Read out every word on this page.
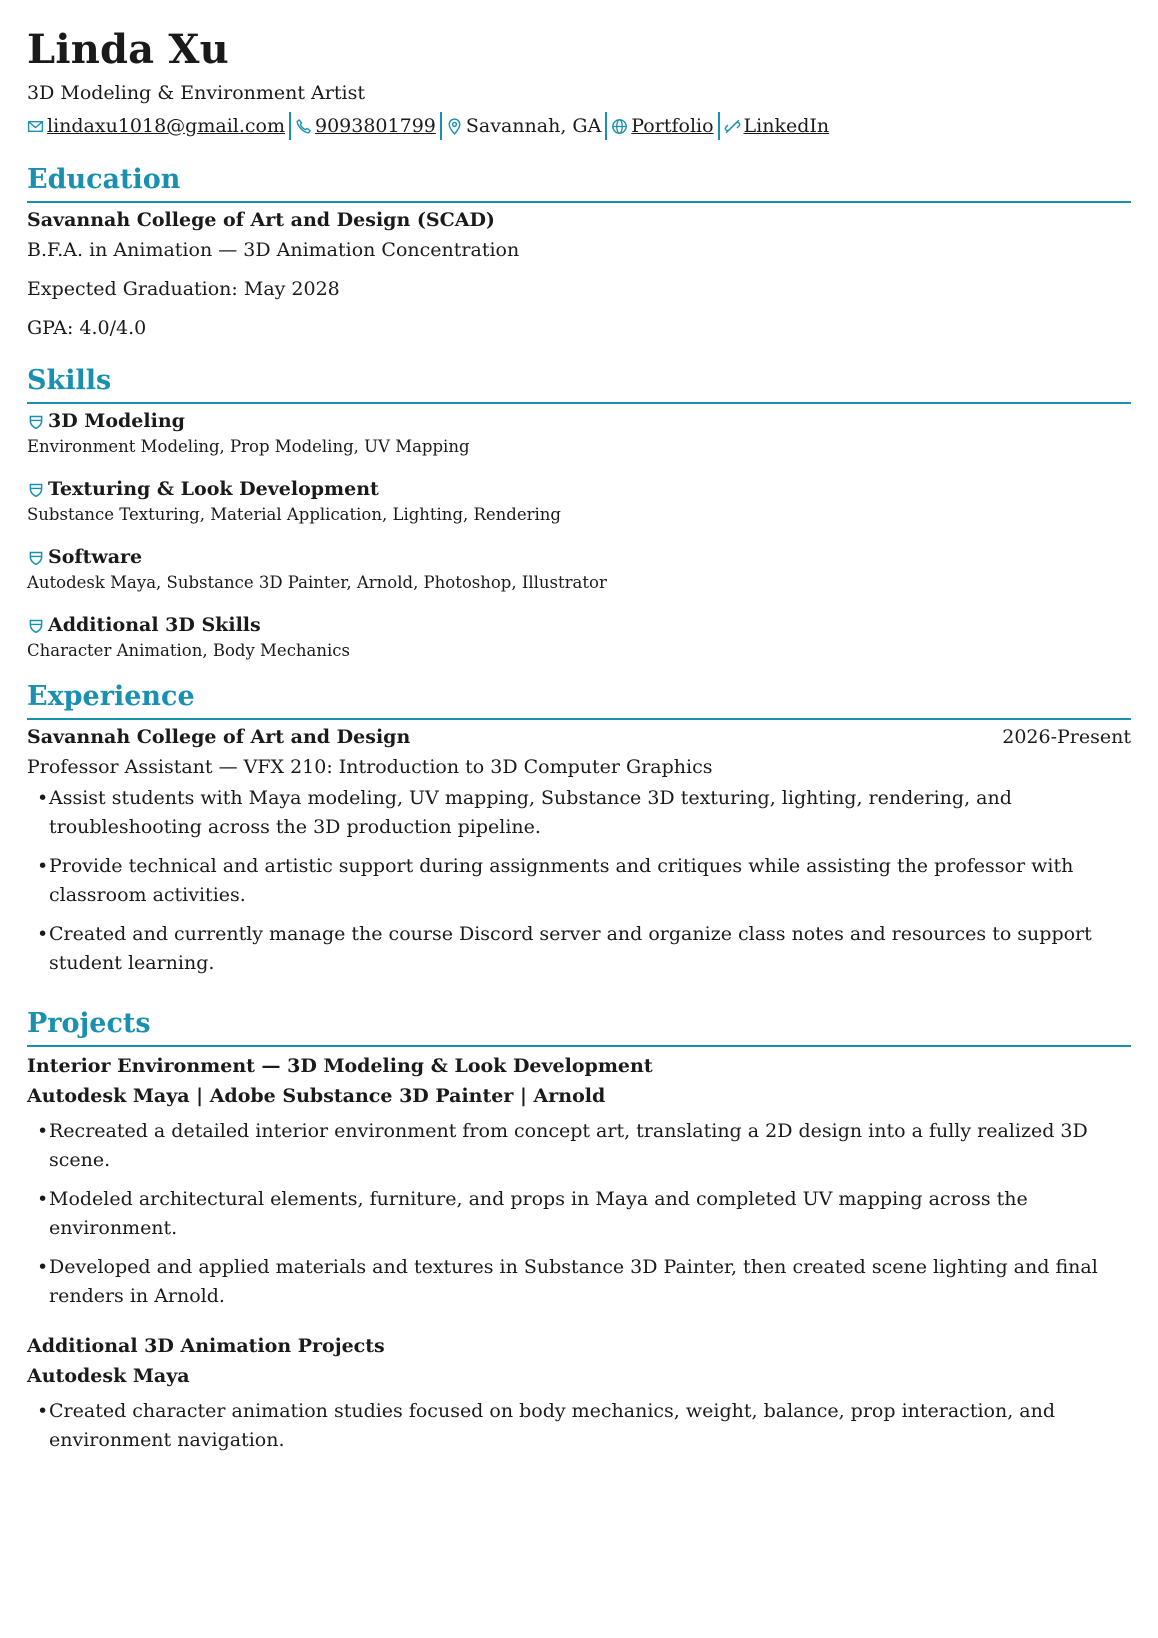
Linda Xu
3D Modeling & Environment Artist
lindaxu1018@gmail.com 9093801799 Savannah, GA Portfolio LinkedIn
Education
Savannah College of Art and Design (SCAD)
B.F.A. in Animation — 3D Animation Concentration
Expected Graduation: May 2028
GPA: 4.0/4.0
Skills
3D Modeling
Environment Modeling, Prop Modeling, UV Mapping
Texturing & Look Development
Substance Texturing, Material Application, Lighting, Rendering
Software
Autodesk Maya, Substance 3D Painter, Arnold, Photoshop, Illustrator
Additional 3D Skills
Character Animation, Body Mechanics
Experience
Savannah College of Art and Design	2026-Present
Professor Assistant — VFX 210: Introduction to 3D Computer Graphics
• Assist students with Maya modeling, UV mapping, Substance 3D texturing, lighting, rendering, and troubleshooting across the 3D production pipeline.
• Provide technical and artistic support during assignments and critiques while assisting the professor with classroom activities.
• Created and currently manage the course Discord server and organize class notes and resources to support student learning.
Projects
Interior Environment — 3D Modeling & Look Development
Autodesk Maya | Adobe Substance 3D Painter | Arnold
• Recreated a detailed interior environment from concept art, translating a 2D design into a fully realized 3D scene.
• Modeled architectural elements, furniture, and props in Maya and completed UV mapping across the environment.
• Developed and applied materials and textures in Substance 3D Painter, then created scene lighting and final renders in Arnold.
Additional 3D Animation Projects
Autodesk Maya
• Created character animation studies focused on body mechanics, weight, balance, prop interaction, and environment navigation.
